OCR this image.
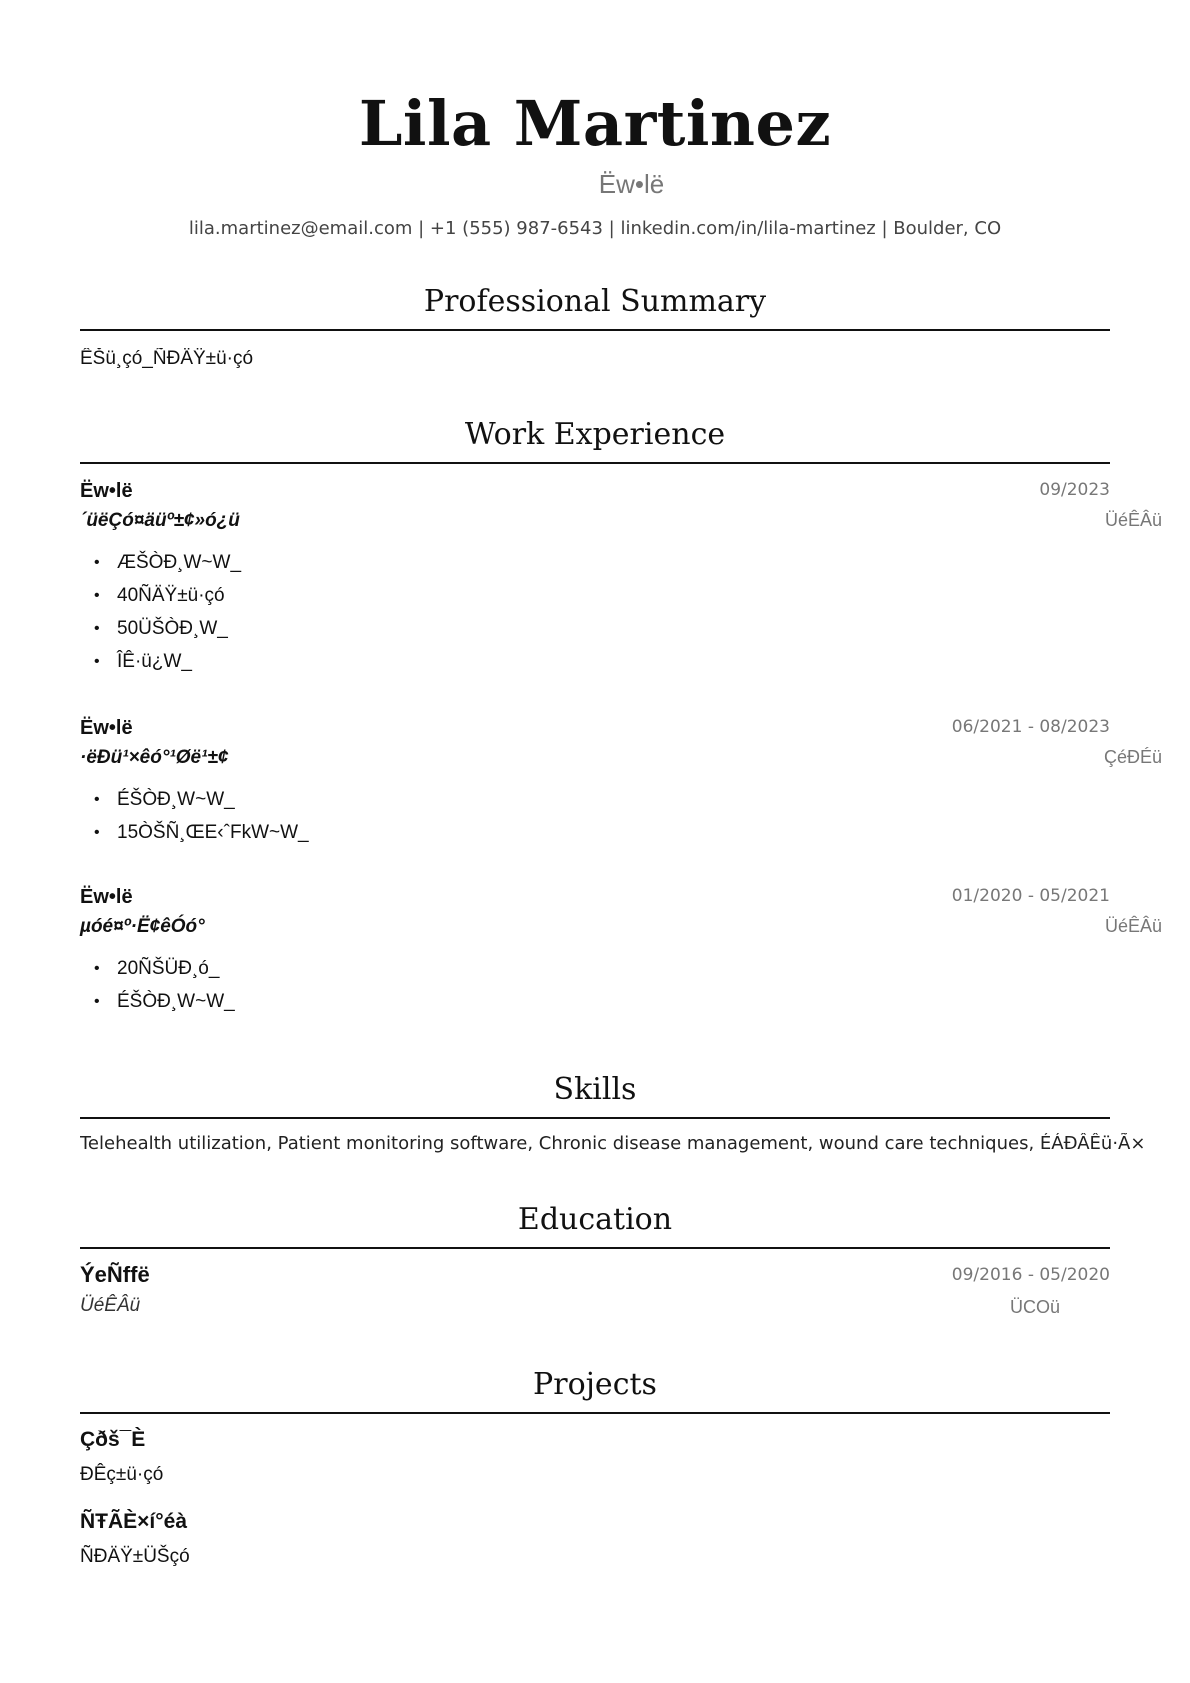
Lila Martinez
Ëw•lë
lila.martinez@email.com | +1 (555) 987-6543 | linkedin.com/in/lila-martinez | Boulder, CO
Professional Summary
ÊŠü¸çó_ÑÐÄŸ±ü·çó
Work Experience
Ëw•lë	09/2023
´üëÇó¤äüº±¢»ó¿ü	ÜéÊÂü
• ÆŠÒÐ¸W~W_
• 40ÑÄŸ±ü·çó
• 50ÜŠÒÐ¸W_
• ÎÊ·ü¿W_
Ëw•lë	06/2021 - 08/2023
·ëÐü¹×êó°¹Øë¹±¢	ÇéÐÉü
• ÉŠÒÐ¸W~W_
• 15ÒŠÑ¸ŒE‹ˆFkW~W_
Ëw•lë	01/2020 - 05/2021
µóé¤º·Ë¢êÓó°	ÜéÊÂü
• 20ÑŠÜÐ¸ó_
• ÉŠÒÐ¸W~W_
Skills
Telehealth utilization, Patient monitoring software, Chronic disease management, wound care techniques, ÉÁÐÂÊü·Ã×
Education
ÝeÑffë	09/2016 - 05/2020
ÜéÊÂü	ÜCOü
Projects
Çðš¯È
ÐÊç±ü·çó
ÑŦÃÈ×í°éà
ÑÐÄŸ±ÜŠçó
